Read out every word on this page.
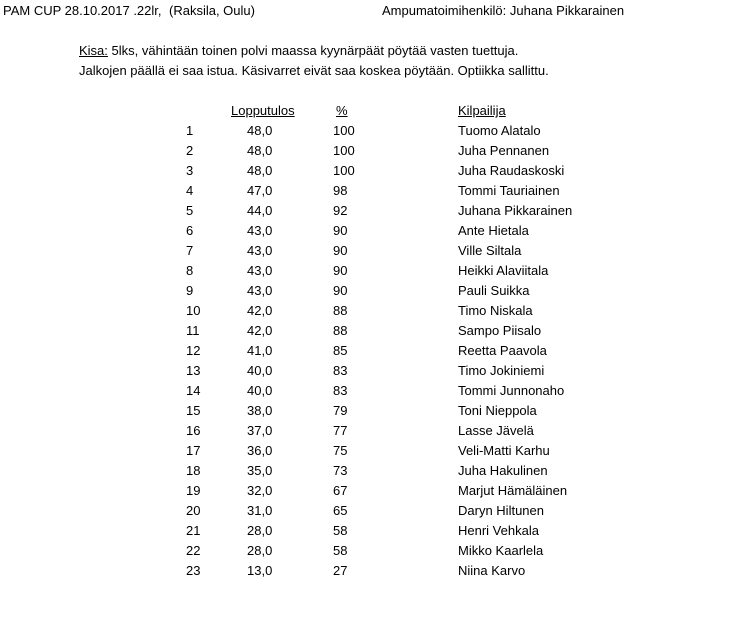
PAM CUP 28.10.2017 .22lr, (Raksila, Oulu)	Ampumatoimihenkilö: Juhana Pikkarainen
Kisa: 5lks, vähintään toinen polvi maassa kyynärpäät pöytää vasten tuettuja.
Jalkojen päällä ei saa istua. Käsivarret eivät saa koskea pöytään. Optiikka sallittu.
Lopputulos	%	Kilpailija
1	48,0	100	Tuomo Alatalo
2	48,0	100	Juha Pennanen
3	48,0	100	Juha Raudaskoski
4	47,0	98	Tommi Tauriainen
5	44,0	92	Juhana Pikkarainen
6	43,0	90	Ante Hietala
7	43,0	90	Ville Siltala
8	43,0	90	Heikki Alaviitala
9	43,0	90	Pauli Suikka
10	42,0	88	Timo Niskala
11	42,0	88	Sampo Piisalo
12	41,0	85	Reetta Paavola
13	40,0	83	Timo Jokiniemi
14	40,0	83	Tommi Junnonaho
15	38,0	79	Toni Nieppola
16	37,0	77	Lasse Jävelä
17	36,0	75	Veli-Matti Karhu
18	35,0	73	Juha Hakulinen
19	32,0	67	Marjut Hämäläinen
20	31,0	65	Daryn Hiltunen
21	28,0	58	Henri Vehkala
22	28,0	58	Mikko Kaarlela
23	13,0	27	Niina Karvo
